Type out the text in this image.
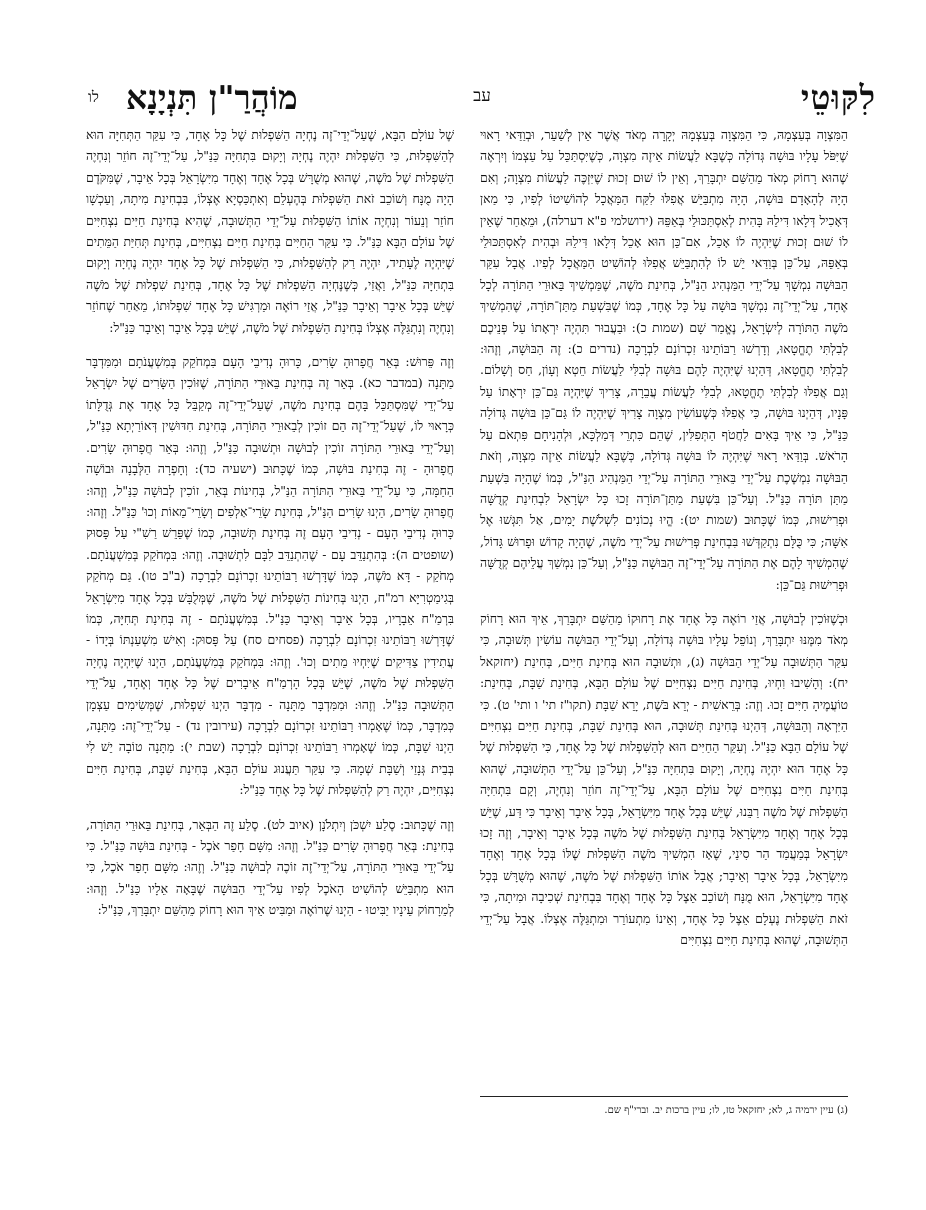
לִקּוּטֵי
עב
מוֹהֲרַ"ן תִּנְיָנָא
לו

הַמִּצְוָה בְּעַצְמָהּ, כִּי הַמִּצְוָה בְּעַצְמָהּ יְקָרָה מְאֹד אֲשֶׁר אֵין לְשַׁעֵר, וּבְוַדַּאי רָאוּי שֶׁיִּפֹּל עָלָיו בּוּשָׁה גְּדוֹלָה כְּשֶׁבָּא לַעֲשׂוֹת אֵיזֶה מִצְוָה, כְּשֶׁיִּסְתַּכֵּל עַל עַצְמוֹ וְיִרְאֶה שֶׁהוּא רָחוֹק מְאֹד מֵהַשֵּׁם יִתְבָּרַךְ, וְאֵין לוֹ שׁוּם זְכוּת שֶׁיִּזְכֶּה לַעֲשׂוֹת מִצְוָה; וְאִם הָיָה לְהָאָדָם בּוּשָׁה, הָיָה מִתְבַּיֵּשׁ אֲפִלּוּ לִקַּח הַמַּאֲכָל לְהוֹשִׁיטוֹ לְפִיו, כִּי מַאן דְּאָכִיל דְּלָאו דִּילֵהּ בָּהִית לְאִסְתַּכּוּלֵי בְּאַפֵּהּ (ירושלמי פ"א דערלה), וּמֵאַחַר שֶׁאֵין לוֹ שׁוּם זְכוּת שֶׁיִּהְיֶה לוֹ אָכֵל, אִם־כֵּן הוּא אָכֵל דְּלָאו דִּילֵהּ וּבְהִית לְאִסְתַּכּוּלֵי בְּאַפֵּהּ, עַל־כֵּן בְּוַדַּאי יֵשׁ לוֹ לְהִתְבַּיֵּשׁ אֲפִלּוּ לְהוֹשִׁיט הַמַּאֲכָל לְפִיו. אֲבָל עִקַּר הַבּוּשָׁה נִמְשָׁךְ עַל־יְדֵי הַמַּנְהִיג הַנַּ"ל, בְּחִינַת מֹשֶׁה, שֶׁמַּמְשִׁיךְ בֵּאוּרֵי הַתּוֹרָה לְכָל אֶחָד, עַל־יְדֵי־זֶה נִמְשָׁךְ בּוּשָׁה עַל כָּל אֶחָד, כְּמוֹ שֶׁבִּשְׁעַת מַתַּן־תּוֹרָה, שֶׁהִמְשִׁיךְ מֹשֶׁה הַתּוֹרָה לְיִשְׂרָאֵל, נֶאֱמַר שָׁם (שמות כ): וּבַעֲבוּר תִּהְיֶה יִרְאָתוֹ עַל פְּנֵיכֶם לְבִלְתִּי תֶחֱטָאוּ, וְדָרְשׁוּ רַבּוֹתֵינוּ זִכְרוֹנָם לִבְרָכָה (נדרים כ): זֶה הַבּוּשָׁה, וְזֶהוּ: לְבִלְתִּי תֶחֱטָאוּ, דְּהַיְנוּ שֶׁיִּהְיֶה לָהֶם בּוּשָׁה לְבִלִּי לַעֲשׂוֹת חֵטְא וְעָוֹן, חַס וְשָׁלוֹם. וְגַם אֲפִלּוּ לְבִלְתִּי תֶחֱטָאוּ, לְבִלִּי לַעֲשׂוֹת עֲבֵרָה, צָרִיךְ שֶׁיִּהְיֶה גַּם־כֵּן יִרְאָתוֹ עַל פָּנָיו, דְּהַיְנוּ בּוּשָׁה, כִּי אֲפִלּוּ כְּשֶׁעוֹשִׂין מִצְוָה צָרִיךְ שֶׁיִּהְיֶה לוֹ גַּם־כֵּן בּוּשָׁה גְּדוֹלָה כַּנַּ"ל, כִּי אֵיךְ בָּאִים לַחֲטֹף הַתְּפִלִּין, שֶׁהֵם כִּתְרֵי דְּמַלְכָּא, וּלְהָנִיחָם פִּתְאֹם עַל הָרֹאשׁ. בְּוַדַּאי רָאוּי שֶׁיִּהְיֶה לוֹ בּוּשָׁה גְּדוֹלָה, כְּשֶׁבָּא לַעֲשׂוֹת אֵיזֶה מִצְוָה, וְזֹאת הַבּוּשָׁה נִמְשֶׁכֶת עַל־יְדֵי בֵּאוּרֵי הַתּוֹרָה עַל־יְדֵי הַמַּנְהִיג הַנַּ"ל, כְּמוֹ שֶׁהָיָה בִּשְׁעַת מַתַּן תּוֹרָה כַּנַּ"ל. וְעַל־כֵּן בִּשְׁעַת מַתַּן־תּוֹרָה זָכוּ כָּל יִשְׂרָאֵל לִבְחִינַת קְדֻשָּׁה וּפְרִישׁוּת, כְּמוֹ שֶׁכָּתוּב (שמות יט): הֱיוּ נְכוֹנִים לִשְׁלֹשֶׁת יָמִים, אַל תִּגְּשׁוּ אֶל אִשָּׁה; כִּי כֻּלָּם נִתְקַדְּשׁוּ בִּבְחִינַת פְּרִישׁוּת עַל־יְדֵי מֹשֶׁה, שֶׁהָיָה קָדוֹשׁ וּפָרוּשׁ גָּדוֹל, שֶׁהִמְשִׁיךְ לָהֶם אֶת הַתּוֹרָה עַל־יְדֵי־זֶה הַבּוּשָׁה כַּנַּ"ל, וְעַל־כֵּן נִמְשַׁךְ עֲלֵיהֶם קְדֻשָּׁה וּפְרִישׁוּת גַּם־כֵּן:

וּכְשֶׁזּוֹכִין לְבוּשָׁה, אֲזַי רוֹאֶה כָּל אֶחָד אֶת רָחוּקוֹ מֵהַשֵּׁם יִתְבָּרַךְ, אֵיךְ הוּא רָחוֹק מְאֹד מִמֶּנּוּ יִתְבָּרַךְ, וְנוֹפֵל עָלָיו בּוּשָׁה גְּדוֹלָה, וְעַל־יְדֵי הַבּוּשָׁה עוֹשִׂין תְּשׁוּבָה, כִּי עִקַּר הַתְּשׁוּבָה עַל־יְדֵי הַבּוּשָׁה (ג), וּתְשׁוּבָה הוּא בְּחִינַת חַיִּים, בְּחִינַת (יחזקאל יח): וְהָשִׁיבוּ וִחְיוּ, בְּחִינַת חַיִּים נִצְחִיִּים שֶׁל עוֹלָם הַבָּא, בְּחִינַת שַׁבָּת, בְּחִינַת: טוֹעֲמֶיהָ חַיִּים זָכוּ. וְזֶה: בְּרֵאשִׁית - יְרֵא בֹּשֶׁת, יָרֵא שַׁבָּת (תקו"ז תי' ו ותי' ט). כִּי הַיִּרְאָה וְהַבּוּשָׁה, דְּהַיְנוּ בְּחִינַת תְּשׁוּבָה, הוּא בְּחִינַת שַׁבָּת, בְּחִינַת חַיִּים נִצְחִיִּים שֶׁל עוֹלָם הַבָּא כַּנַּ"ל. וְעִקַּר הַחַיִּים הוּא לְהַשִּׁפְלוּת שֶׁל כָּל אֶחָד, כִּי הַשִּׁפְלוּת שֶׁל כָּל אֶחָד הוּא יִהְיֶה נֶחְיָה, וְיָקוּם בִּתְחִיָּה כַּנַּ"ל, וְעַל־כֵּן עַל־יְדֵי הַתְּשׁוּבָה, שֶׁהוּא בְּחִינַת חַיִּים נִצְחִיִּים שֶׁל עוֹלָם הַבָּא, עַל־יְדֵי־זֶה חוֹזֵר וְנִחְיֶה, וְקָם בִּתְחִיָּה הַשִּׁפְלוּת שֶׁל מֹשֶׁה רַבֵּנוּ, שֶׁיֵּשׁ בְּכָל אֶחָד מִיִּשְׂרָאֵל, בְּכָל אֵיבָר וְאֵיבָר כִּי דַּע, שֶׁיֵּשׁ בְּכָל אֶחָד וְאֶחָד מִיִּשְׂרָאֵל בְּחִינַת הַשִּׁפְלוּת שֶׁל מֹשֶׁה בְּכָל אֵיבָר וְאֵיבָר, וְזֶה זָכוּ יִשְׂרָאֵל בְּמַעֲמַד הַר סִינַי, שֶׁאָז הִמְשִׁיךְ מֹשֶׁה הַשִּׁפְלוּת שֶׁלּוֹ בְּכָל אֶחָד וְאֶחָד מִיִּשְׂרָאֵל, בְּכָל אֵיבָר וְאֵיבָר; אֲבָל אוֹתוֹ הַשִּׁפְלוּת שֶׁל מֹשֶׁה, שֶׁהוּא מְשֻׁרָּשׁ בְּכָל אֶחָד מִיִּשְׂרָאֵל, הוּא מֻנָּח וְשׁוֹכֵב אֵצֶל כָּל אֶחָד וְאֶחָד בִּבְחִינַת שְׁכִיבָה וּמִיתָה, כִּי זֹאת הַשִּׁפְלוּת נֶעְלָם אֵצֶל כָּל אֶחָד, וְאֵינוֹ מִתְעוֹרֵר וּמִתְגַּלֶּה אֶצְלוֹ. אֲבָל עַל־יְדֵי הַתְּשׁוּבָה, שֶׁהוּא בְּחִינַת חַיִּים נִצְחִיִּים

שֶׁל עוֹלָם הַבָּא, שֶׁעַל־יְדֵי־זֶה נֶחְיָה הַשִּׁפְלוּת שֶׁל כָּל אֶחָד, כִּי עִקַּר הַתְּחִיָּה הוּא לְהַשִּׁפְלוּת, כִּי הַשִּׁפְלוּת יִהְיֶה נֶחְיָה וְיָקוּם בִּתְחִיָּה כַּנַּ"ל, עַל־יְדֵי־זֶה חוֹזֵר וְנִחְיֶה הַשִּׁפְלוּת שֶׁל מֹשֶׁה, שֶׁהוּא מְשֻׁרָּשׁ בְּכָל אֶחָד וְאֶחָד מִיִּשְׂרָאֵל בְּכָל אֵיבָר, שֶׁמִּקֹּדֶם הָיָה מֻנָּח וְשׁוֹכֵב זֹאת הַשִּׁפְלוּת בְּהֶעְלֵם וְאִתְכַּסְיָא אֶצְלוֹ, בִּבְחִינַת מִיתָה, וְעַכְשָׁו חוֹזֵר וְנֵעוֹר וְנִחְיֶה אוֹתוֹ הַשִּׁפְלוּת עַל־יְדֵי הַתְּשׁוּבָה, שֶׁהִיא בְּחִינַת חַיִּים נִצְחִיִּים שֶׁל עוֹלָם הַבָּא כַּנַּ"ל. כִּי עִקַּר הַחַיִּים בְּחִינַת חַיִּים נִצְחִיִּים, בְּחִינַת תְּחִיַּת הַמֵּתִים שֶׁיִּהְיֶה לֶעָתִיד, יִהְיֶה רַק לְהַשִּׁפְלוּת, כִּי הַשִּׁפְלוּת שֶׁל כָּל אֶחָד יִהְיֶה נֶחְיָה וְיָקוּם בִּתְחִיָּה כַּנַּ"ל, וַאֲזַי, כְּשֶׁנֶּחְיָה הַשִּׁפְלוּת שֶׁל כָּל אֶחָד, בְּחִינַת שִׁפְלוּת שֶׁל מֹשֶׁה שֶׁיֵּשׁ בְּכָל אֵיבָר וְאֵיבָר כַּנַּ"ל, אֲזַי רוֹאֶה וּמַרְגִּישׁ כָּל אֶחָד שִׁפְלוּתוֹ, מֵאַחַר שֶׁחוֹזֵר וְנִחְיֶה וְנִתְגַּלֶּה אֶצְלוֹ בְּחִינַת הַשִּׁפְלוּת שֶׁל מֹשֶׁה, שֶׁיֵּשׁ בְּכָל אֵיבָר וְאֵיבָר כַּנַּ"ל:

וְזֶה פֵּרוּשׁ: בְּאֵר חֲפָרוּהָ שָׂרִים, כָּרוּהָ נְדִיבֵי הָעָם בִּמְחֹקֵק בְּמִשְׁעֲנֹתָם וּמִמִּדְבָּר מַתָּנָה (במדבר כא). בְּאֵר זֶה בְּחִינַת בֵּאוּרֵי הַתּוֹרָה, שֶׁזּוֹכִין הַשָּׂרִים שֶׁל יִשְׂרָאֵל עַל־יְדֵי שֶׁמִּסְתַּכֵּל בָּהֶם בְּחִינַת מֹשֶׁה, שֶׁעַל־יְדֵי־זֶה מְקַבֵּל כָּל אֶחָד אֶת גְּדֻלָּתוֹ כְּרָאוּי לוֹ, שֶׁעַל־יְדֵי־זֶה הֵם זוֹכִין לְבֵאוּרֵי הַתּוֹרָה, בְּחִינַת חִדּוּשִׁין דְּאוֹרַיְתָא כַּנַּ"ל, וְעַל־יְדֵי בֵּאוּרֵי הַתּוֹרָה זוֹכִין לְבוּשָׁה וּתְשׁוּבָה כַּנַּ"ל, וְזֶהוּ: בְּאֵר חֲפָרוּהָ שָׂרִים. חֲפָרוּהָ - זֶה בְּחִינַת בּוּשָׁה, כְּמוֹ שֶׁכָּתוּב (ישעיה כד): וְחָפְרָה הַלְּבָנָה וּבוֹשָׁה הַחַמָּה, כִּי עַל־יְדֵי בֵּאוּרֵי הַתּוֹרָה הַנַּ"ל, בְּחִינוֹת בְּאֵר, זוֹכִין לְבוּשָׁה כַּנַּ"ל, וְזֶהוּ: חֲפָרוּהָ שָׂרִים, הַיְנוּ שָׂרִים הַנַּ"ל, בְּחִינַת שָׂרֵי־אַלְפִים וְשָׂרֵי־מֵאוֹת וְכוּ' כַּנַּ"ל. וְזֶהוּ: כָּרוּהָ נְדִיבֵי הָעָם - נְדִיבֵי הָעָם זֶה בְּחִינַת תְּשׁוּבָה, כְּמוֹ שֶׁפֵּרֵשׁ רַשִׁ"י עַל פָּסוּק (שופטים ה): בְּהִתְנַדֵּב עָם - שֶׁהִתְנַדֵּב לִבָּם לִתְשׁוּבָה. וְזֶהוּ: בִּמְחֹקֵק בְּמִשְׁעֲנֹתָם. מְחֹקֵק - דָּא מֹשֶׁה, כְּמוֹ שֶׁדָּרְשׁוּ רַבּוֹתֵינוּ זִכְרוֹנָם לִבְרָכָה (ב"ב טו). גַּם מְחֹקֵק בְּגִימַטְרִיָּא רמ"ח, הַיְנוּ בְּחִינוֹת הַשִּׁפְלוּת שֶׁל מֹשֶׁה, שֶׁמְּלֻבָּשׁ בְּכָל אֶחָד מִיִּשְׂרָאֵל בִּרְמַ"ח אֵבָרָיו, בְּכָל אֵיבָר וְאֵיבָר כַּנַּ"ל. בְּמִשְׁעֲנֹתָם - זֶה בְּחִינַת תְּחִיָּה, כְּמוֹ שֶׁדָּרְשׁוּ רַבּוֹתֵינוּ זִכְרוֹנָם לִבְרָכָה (פסחים סח) עַל פָּסוּק: וְאִישׁ מִשְׁעַנְתּוֹ בְּיָדוֹ - עֲתִידִין צַדִּיקִים שֶׁיִּחְיוּ מֵתִים וְכוּ'. וְזֶהוּ: בִּמְחֹקֵק בְּמִשְׁעֲנֹתָם, הַיְנוּ שֶׁיִּהְיֶה נֶחְיָה הַשִּׁפְלוּת שֶׁל מֹשֶׁה, שֶׁיֵּשׁ בְּכָל הָרְמַ"ח אֵיבָרִים שֶׁל כָּל אֶחָד וְאֶחָד, עַל־יְדֵי הַתְּשׁוּבָה כַּנַּ"ל. וְזֶהוּ: וּמִמִּדְבָּר מַתָּנָה - מִדְבָּר הַיְנוּ שִׁפְלוּת, שֶׁמְּשִׂימִים עַצְמָן כְּמִדְבָּר, כְּמוֹ שֶׁאָמְרוּ רַבּוֹתֵינוּ זִכְרוֹנָם לִבְרָכָה (עירובין נד) - עַל־יְדֵי־זֶה: מַתָּנָה, הַיְנוּ שַׁבָּת, כְּמוֹ שֶׁאָמְרוּ רַבּוֹתֵינוּ זִכְרוֹנָם לִבְרָכָה (שבת י): מַתָּנָה טוֹבָה יֵשׁ לִי בְּבֵית גְּנָזַי וְשַׁבָּת שְׁמָהּ. כִּי עִקַּר תַּעֲנוּג עוֹלָם הַבָּא, בְּחִינַת שַׁבָּת, בְּחִינַת חַיִּים נִצְחִיִּים, יִהְיֶה רַק לְהַשִּׁפְלוּת שֶׁל כָּל אֶחָד כַּנַּ"ל:

וְזֶה שֶׁכָּתוּב: סֶלַע יִשְׁכֹּן וְיִתְלֹנָן (איוב לט). סֶלַע זֶה הַבְּאֵר, בְּחִינַת בֵּאוּרֵי הַתּוֹרָה, בְּחִינַת: בְּאֵר חֲפָרוּהָ שָׂרִים כַּנַּ"ל. וְזֶהוּ: מִשָּׁם חָפַר אֹכֶל - בְּחִינַת בּוּשָׁה כַּנַּ"ל. כִּי עַל־יְדֵי בֵּאוּרֵי הַתּוֹרָה, עַל־יְדֵי־זֶה זוֹכֶה לְבוּשָׁה כַּנַּ"ל. וְזֶהוּ: מִשָּׁם חָפַר אֹכֶל, כִּי הוּא מִתְבַּיֵּשׁ לְהוֹשִׁיט הָאֹכֶל לְפִיו עַל־יְדֵי הַבּוּשָׁה שֶׁבָּאָה אֵלָיו כַּנַּ"ל. וְזֶהוּ: לְמֵרָחוֹק עֵינָיו יַבִּיטוּ - הַיְנוּ שֶׁרוֹאֶה וּמַבִּיט אֵיךְ הוּא רָחוֹק מֵהַשֵּׁם יִתְבָּרַךְ, כַּנַּ"ל:

(ג) עיין ירמיה ג, לא; יחזקאל טז, לו; עיין ברכות יב. וברי"ף שם.
